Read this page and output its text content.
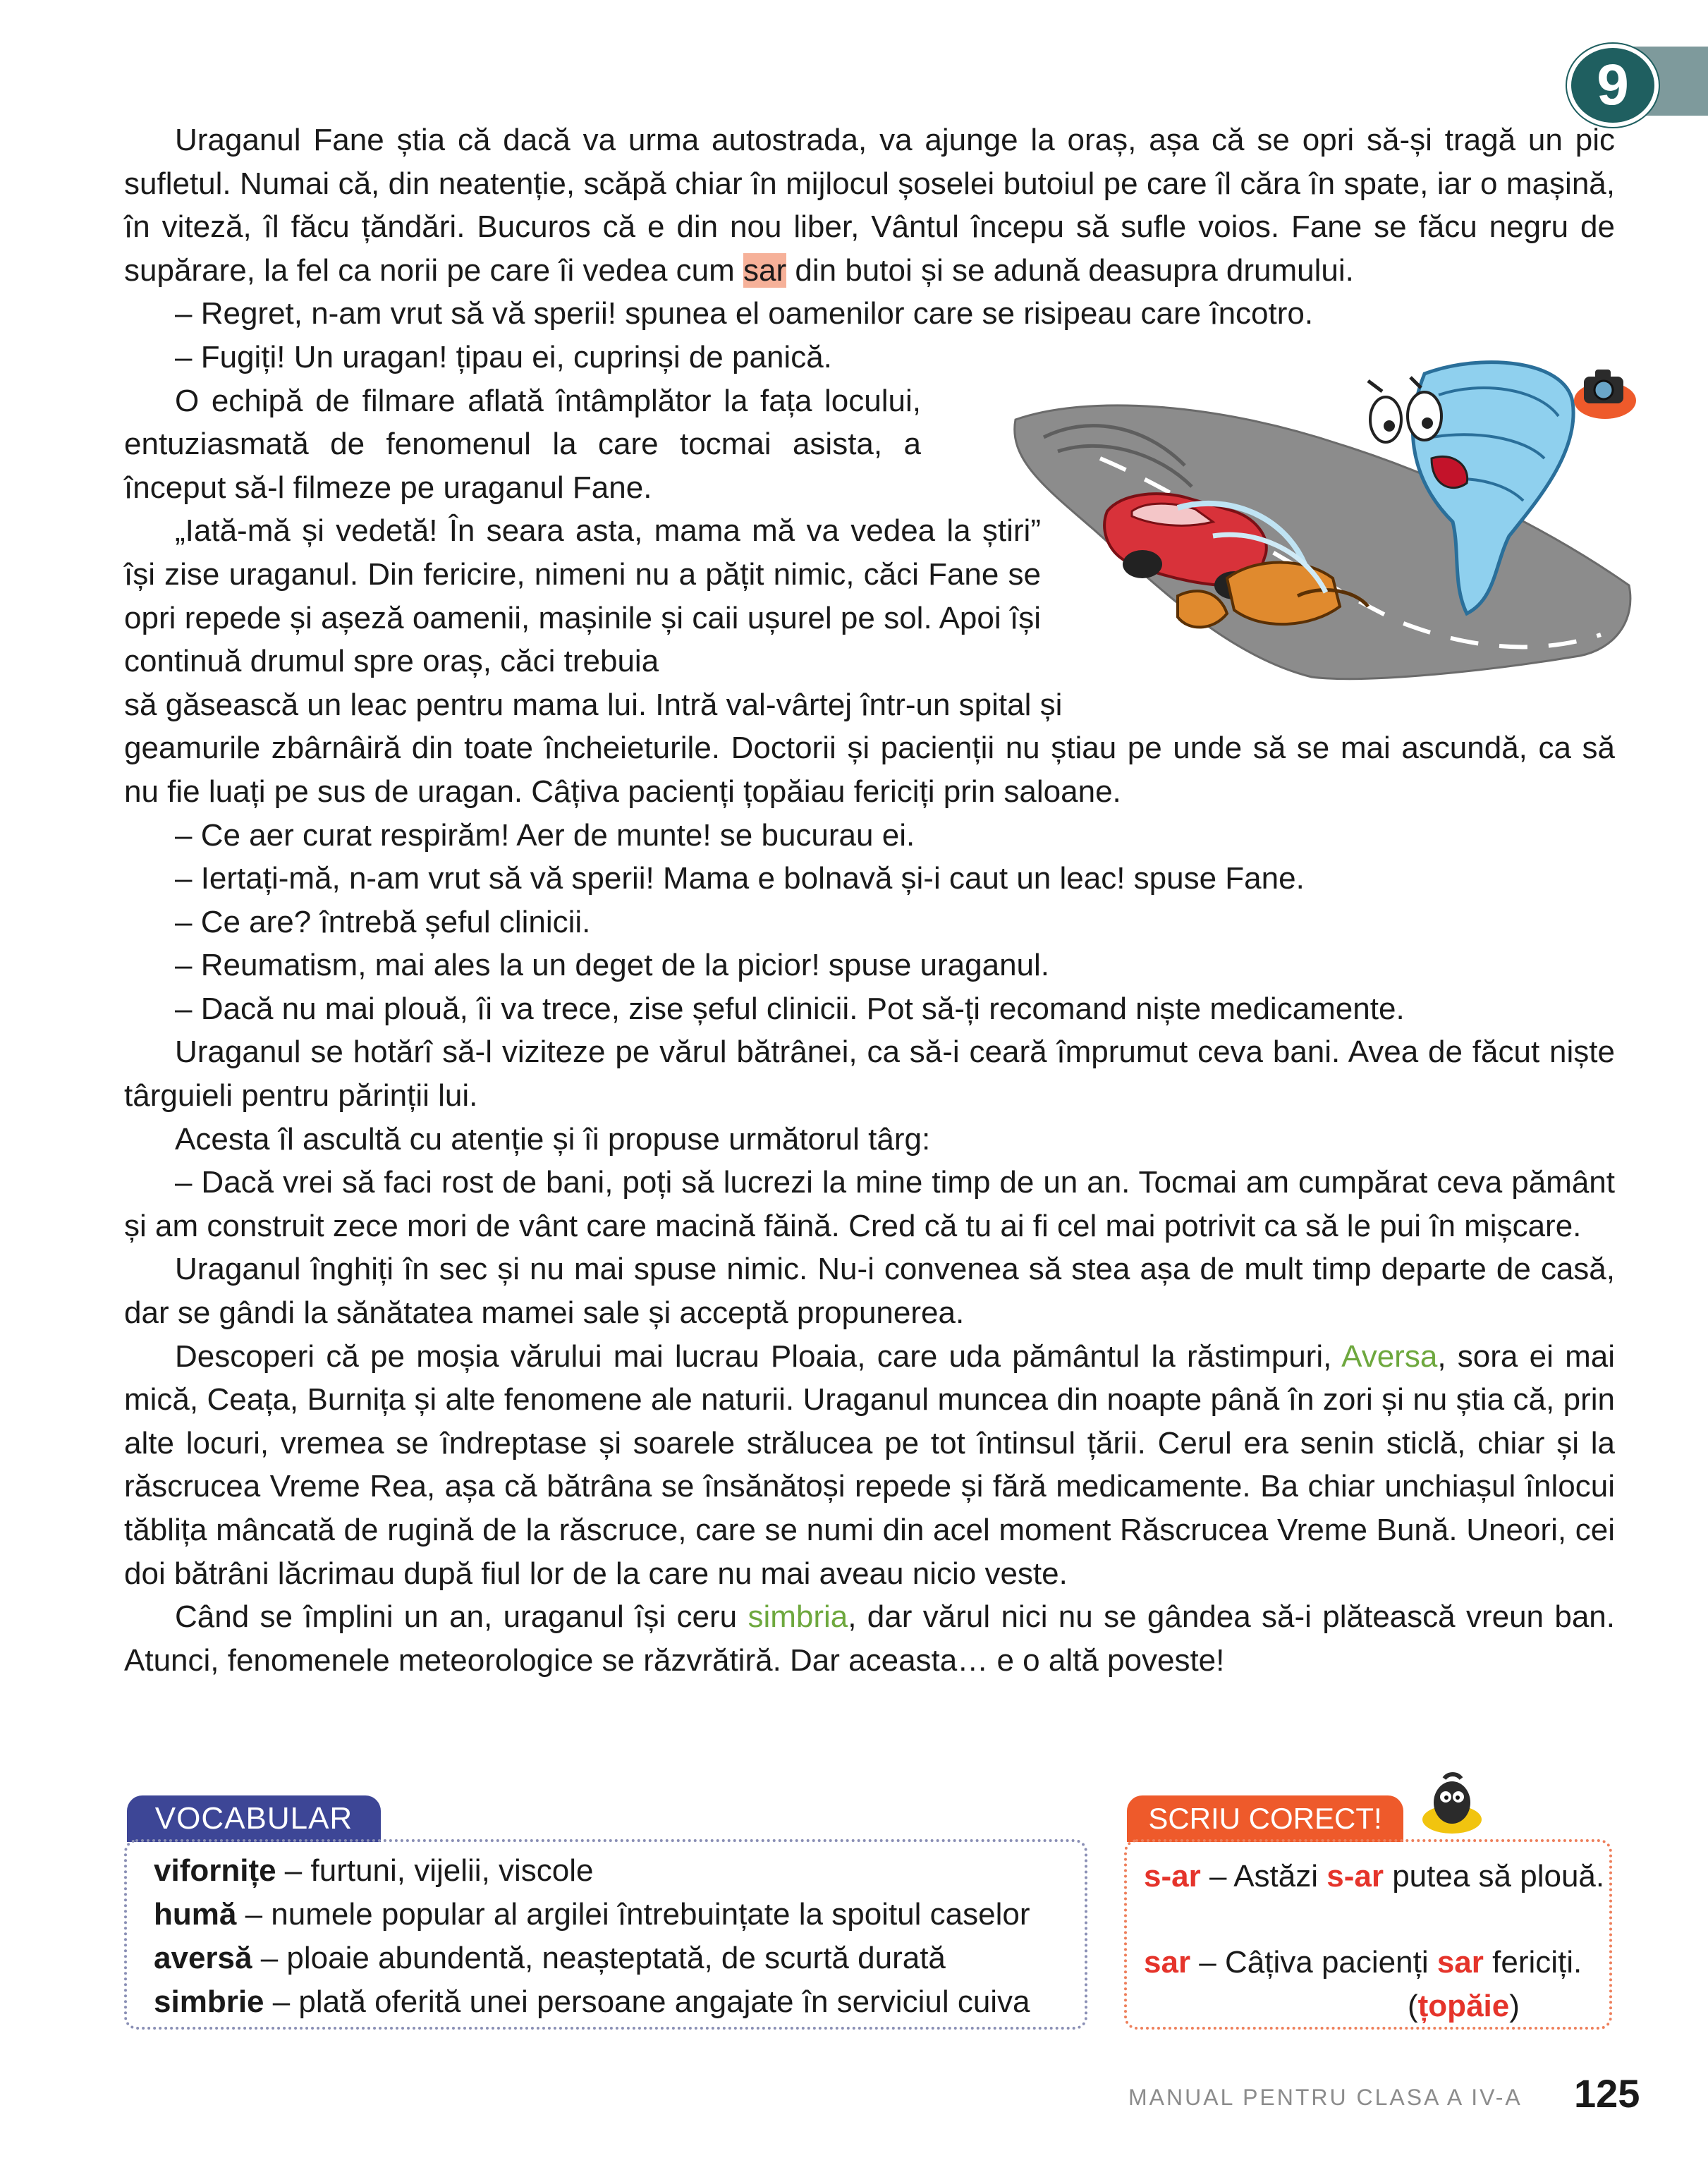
9

Uraganul Fane știa că dacă va urma autostrada, va ajunge la oraș, așa că se opri să-și tragă un pic sufletul. Numai că, din neatenție, scăpă chiar în mijlocul șoselei butoiul pe care îl căra în spate, iar o mașină, în viteză, îl făcu țăndări. Bucuros că e din nou liber, Vântul începu să sufle voios. Fane se făcu negru de supărare, la fel ca norii pe care îi vedea cum sar din butoi și se adună deasupra drumului.

– Regret, n-am vrut să vă sperii! spunea el oamenilor care se risipeau care încotro.

– Fugiți! Un uragan! țipau ei, cuprinși de panică.

O echipă de filmare aflată întâmplător la fața locului, entuziasmată de fenomenul la care tocmai asista, a început să-l filmeze pe uraganul Fane.

„Iată-mă și vedetă! În seara asta, mama mă va vedea la știri” își zise uraganul. Din fericire, nimeni nu a pățit nimic, căci Fane se opri repede și așeză oamenii, mașinile și caii ușurel pe sol. Apoi își continuă drumul spre oraș, căci trebuia

să găsească un leac pentru mama lui. Intră val-vârtej într-un spital și

geamurile zbârnâiră din toate încheieturile. Doctorii și pacienții nu știau pe unde să se mai ascundă, ca să nu fie luați pe sus de uragan. Câțiva pacienți țopăiau fericiți prin saloane.

– Ce aer curat respirăm! Aer de munte! se bucurau ei.

– Iertați-mă, n-am vrut să vă sperii! Mama e bolnavă și-i caut un leac! spuse Fane.

– Ce are? întrebă șeful clinicii.

– Reumatism, mai ales la un deget de la picior! spuse uraganul.

– Dacă nu mai plouă, îi va trece, zise șeful clinicii. Pot să-ți recomand niște medicamente.

Uraganul se hotărî să-l viziteze pe vărul bătrânei, ca să-i ceară împrumut ceva bani. Avea de făcut niște târguieli pentru părinții lui.

Acesta îl ascultă cu atenție și îi propuse următorul târg:

– Dacă vrei să faci rost de bani, poți să lucrezi la mine timp de un an. Tocmai am cumpărat ceva pământ și am construit zece mori de vânt care macină făină. Cred că tu ai fi cel mai potrivit ca să le pui în mișcare.

Uraganul înghiți în sec și nu mai spuse nimic. Nu-i convenea să stea așa de mult timp departe de casă, dar se gândi la sănătatea mamei sale și acceptă propunerea.

Descoperi că pe moșia vărului mai lucrau Ploaia, care uda pământul la răstimpuri, Aversa, sora ei mai mică, Ceața, Burnița și alte fenomene ale naturii. Uraganul muncea din noapte până în zori și nu știa că, prin alte locuri, vremea se îndreptase și soarele strălucea pe tot întinsul țării. Cerul era senin sticlă, chiar și la răscrucea Vreme Rea, așa că bătrâna se însănătoși repede și fără medicamente. Ba chiar unchiașul înlocui tăblița mâncată de rugină de la răscruce, care se numi din acel moment Răscrucea Vreme Bună. Uneori, cei doi bătrâni lăcrimau după fiul lor de la care nu mai aveau nicio veste.

Când se împlini un an, uraganul își ceru simbria, dar vărul nici nu se gândea să-i plătească vreun ban. Atunci, fenomenele meteorologice se răzvrătiră. Dar aceasta… e o altă poveste!

VOCABULAR
vifornițe – furtuni, vijelii, viscole
humă – numele popular al argilei întrebuințate la spoitul caselor
aversă – ploaie abundentă, neașteptată, de scurtă durată
simbrie – plată oferită unei persoane angajate în serviciul cuiva
SCRIU CORECT!
s-ar – Astăzi s-ar putea să plouă.
sar – Câțiva pacienți sar fericiți.
(țopăie)
MANUAL PENTRU CLASA A IV-A 125
